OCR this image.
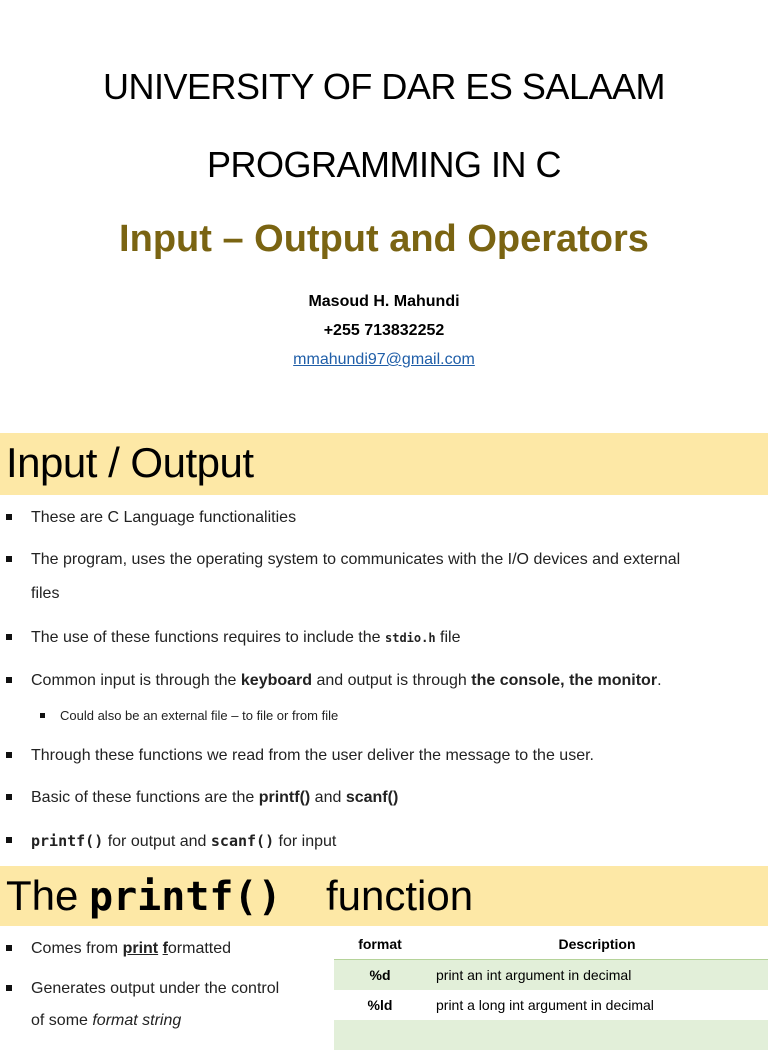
UNIVERSITY OF DAR ES SALAAM
PROGRAMMING IN C
Input – Output and Operators
Masoud H. Mahundi
+255 713832252
mmahundi97@gmail.com
Input / Output
These are C Language functionalities
The program, uses the operating system to communicates with the I/O devices and external
files
The use of these functions requires to include the stdio.h file
Common input is through the keyboard and output is through the console, the monitor.
Could also be an external file – to file or from file
Through these functions we read from the user deliver the message to the user.
Basic of these functions are the printf() and scanf()
printf() for output and scanf() for input
The printf() function
Comes from print formatted
Generates output under the control
of some format string
format	Description
%d	print an int argument in decimal
%ld	print a long int argument in decimal
